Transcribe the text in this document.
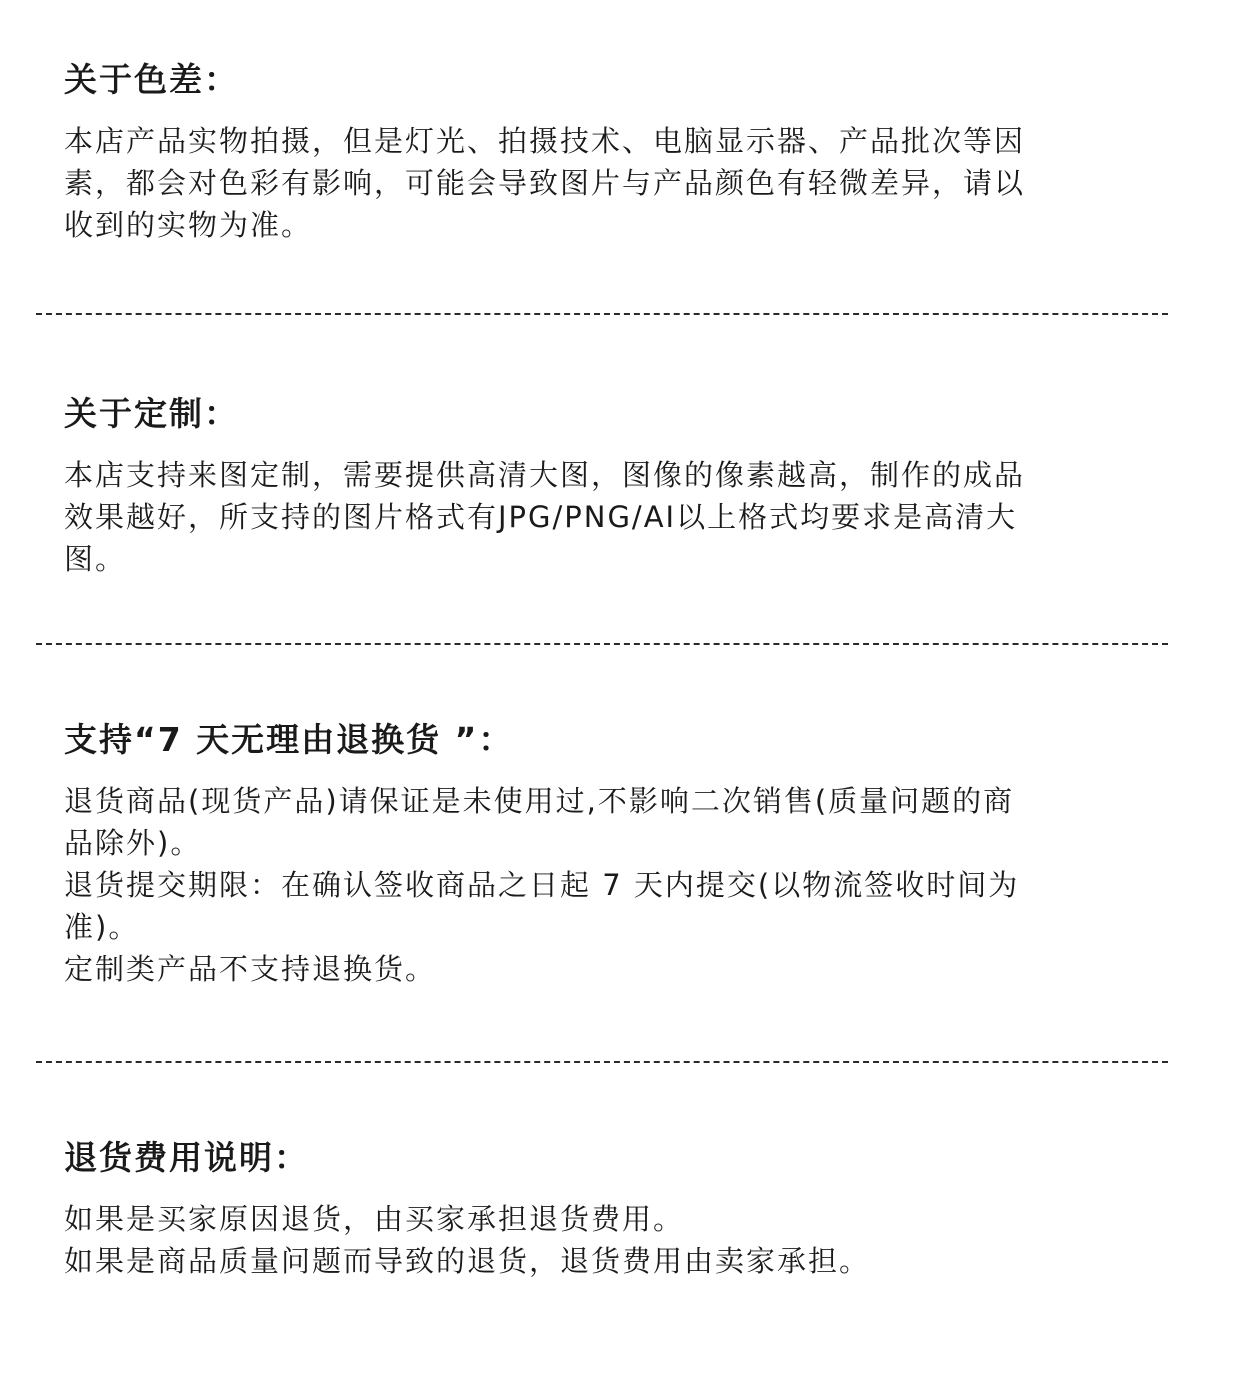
关于色差：

本店产品实物拍摄，但是灯光、拍摄技术、电脑显示器、产品批次等因
素，都会对色彩有影响，可能会导致图片与产品颜色有轻微差异，请以
收到的实物为准。

关于定制：

本店支持来图定制，需要提供高清大图，图像的像素越高，制作的成品
效果越好，所支持的图片格式有JPG/PNG/AI以上格式均要求是高清大
图。

支持“7 天无理由退换货 ”：

退货商品(现货产品)请保证是未使用过,不影响二次销售(质量问题的商
品除外)。
退货提交期限：在确认签收商品之日起 7 天内提交(以物流签收时间为
准)。
定制类产品不支持退换货。

退货费用说明：

如果是买家原因退货，由买家承担退货费用。
如果是商品质量问题而导致的退货，退货费用由卖家承担。
